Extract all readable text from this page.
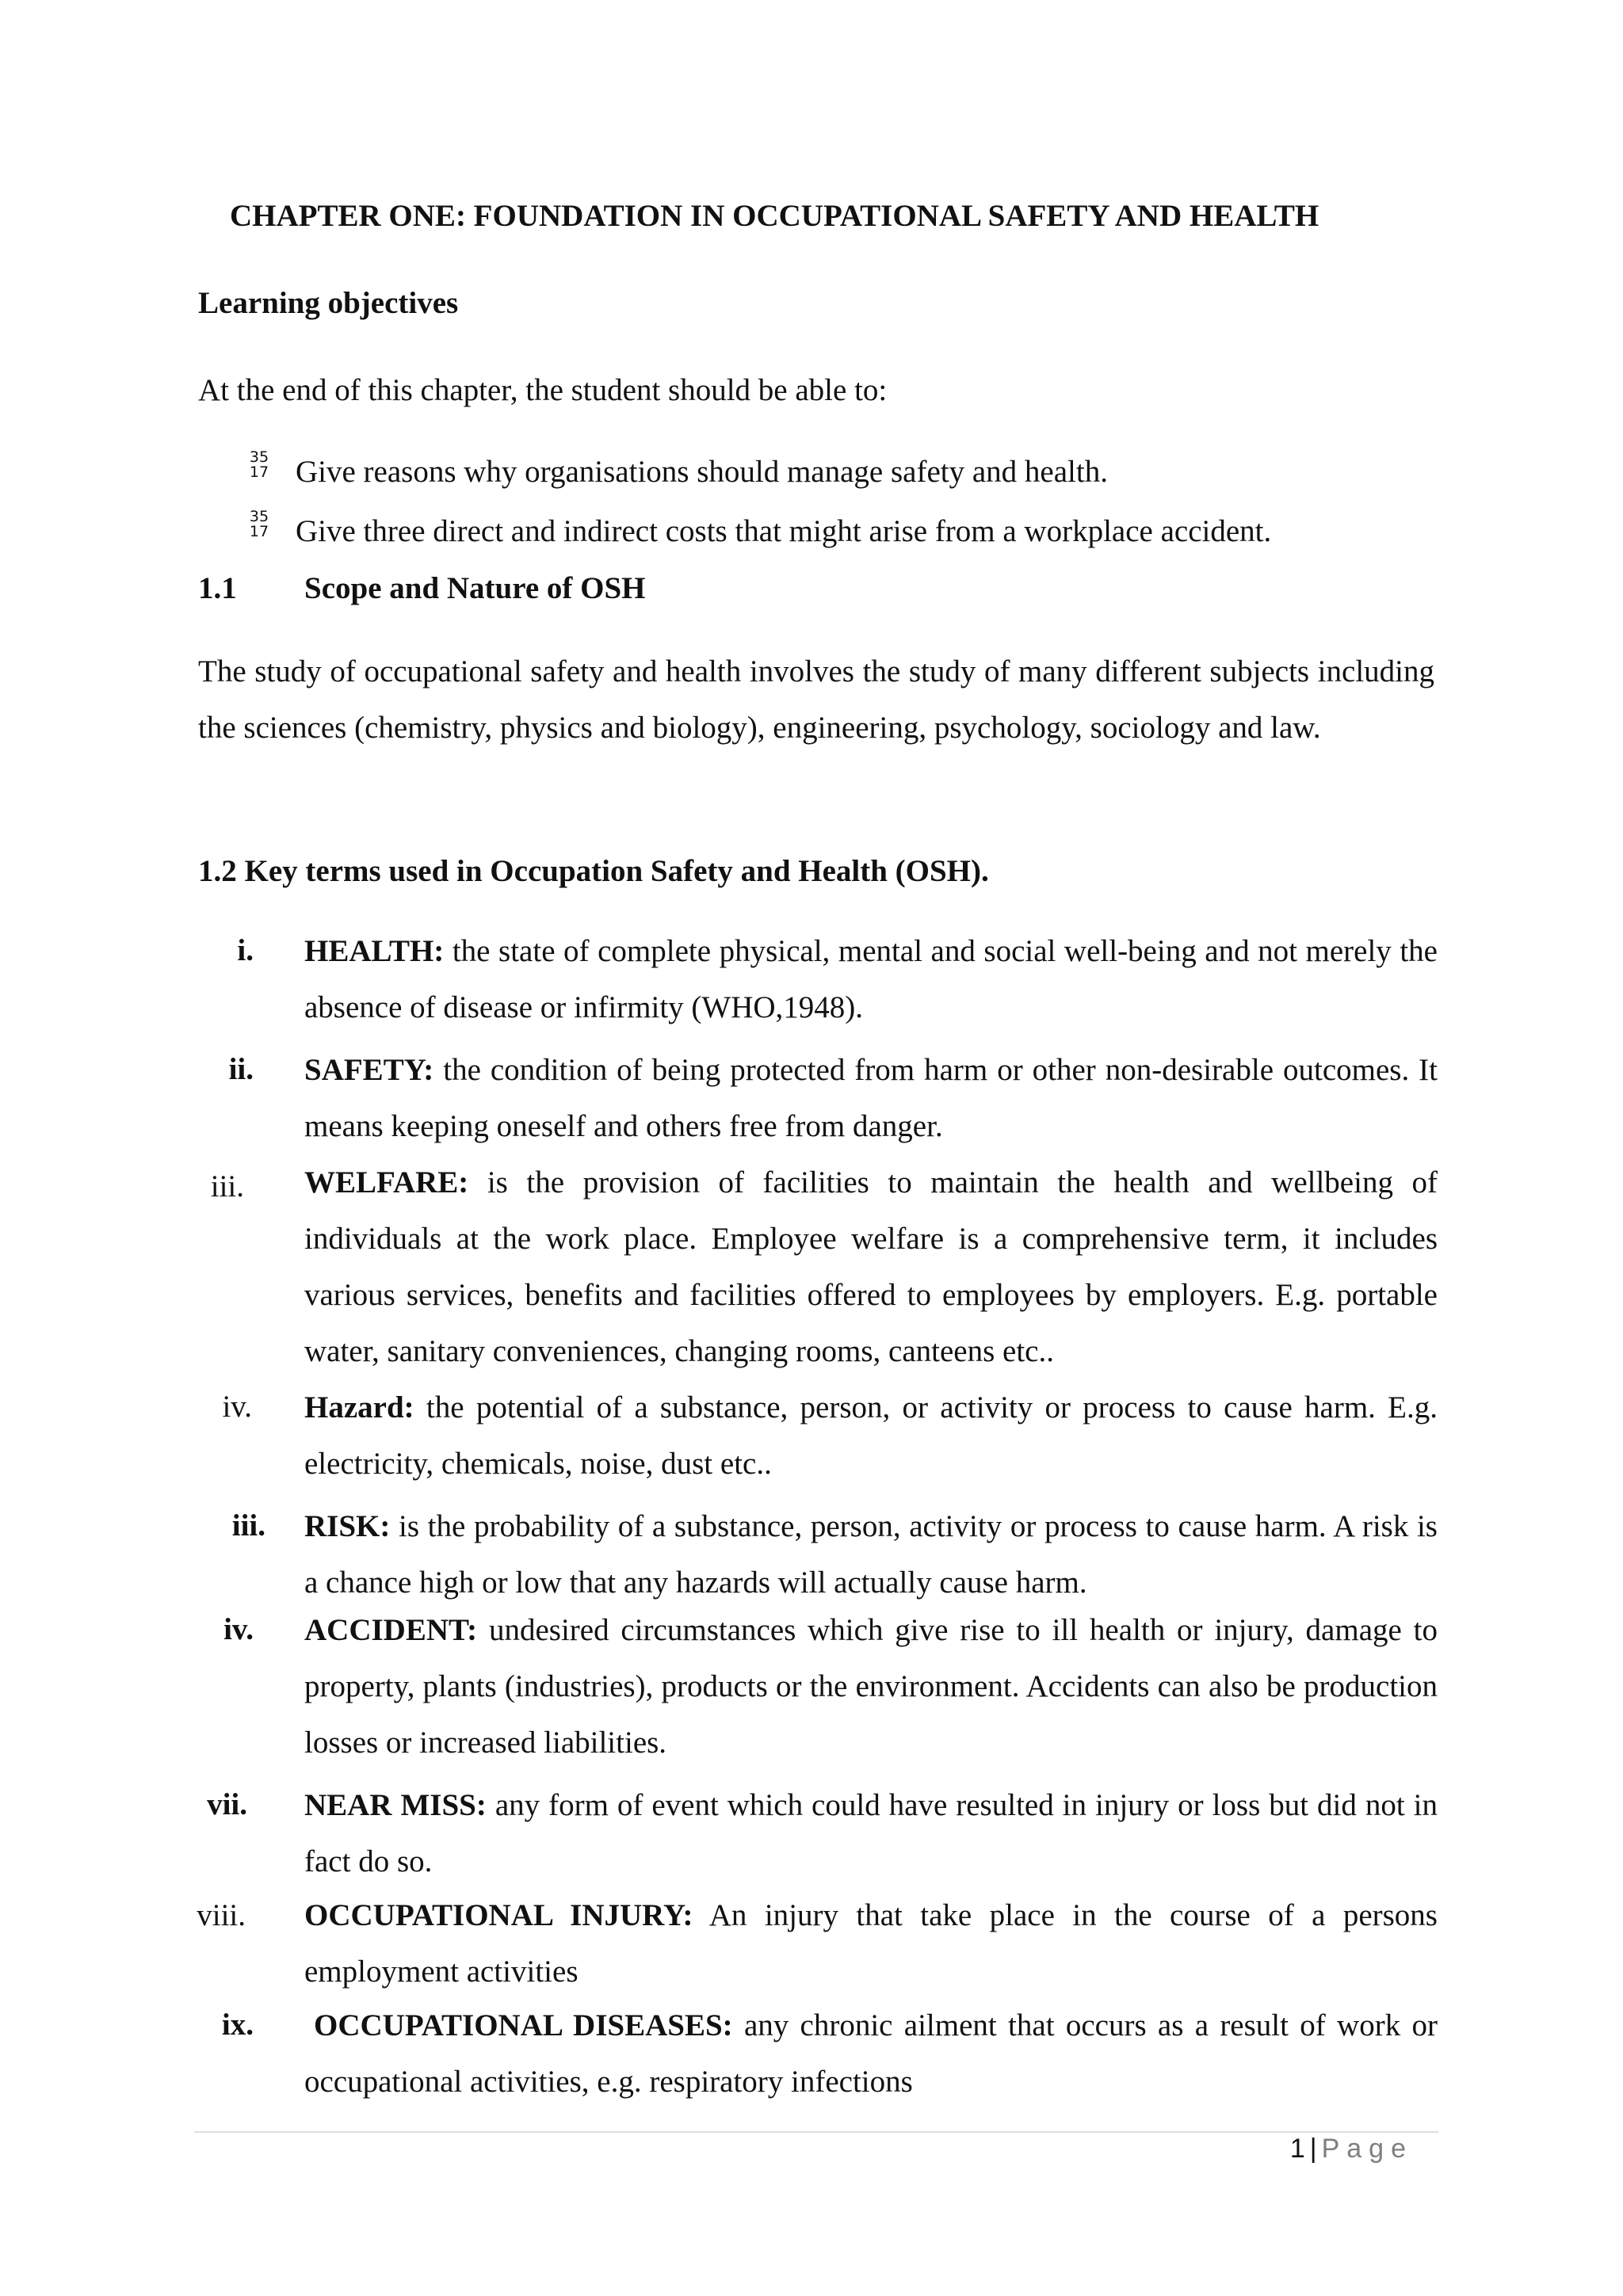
CHAPTER ONE: FOUNDATION IN OCCUPATIONAL SAFETY AND HEALTH
Learning objectives
At the end of this chapter, the student should be able to:
35
17 Give reasons why organisations should manage safety and health.
35
17 Give three direct and indirect costs that might arise from a workplace accident.
1.1 Scope and Nature of OSH
The study of occupational safety and health involves the study of many different subjects including the sciences (chemistry, physics and biology), engineering, psychology, sociology and law.
1.2 Key terms used in Occupation Safety and Health (OSH).
i. HEALTH: the state of complete physical, mental and social well-being and not merely the absence of disease or infirmity (WHO,1948).
ii. SAFETY: the condition of being protected from harm or other non-desirable outcomes. It means keeping oneself and others free from danger.
iii. WELFARE: is the provision of facilities to maintain the health and wellbeing of individuals at the work place. Employee welfare is a comprehensive term, it includes various services, benefits and facilities offered to employees by employers. E.g. portable water, sanitary conveniences, changing rooms, canteens etc..
iv. Hazard: the potential of a substance, person, or activity or process to cause harm. E.g. electricity, chemicals, noise, dust etc..
iii. RISK: is the probability of a substance, person, activity or process to cause harm. A risk is a chance high or low that any hazards will actually cause harm.
iv. ACCIDENT: undesired circumstances which give rise to ill health or injury, damage to property, plants (industries), products or the environment. Accidents can also be production losses or increased liabilities.
vii. NEAR MISS: any form of event which could have resulted in injury or loss but did not in fact do so.
viii. OCCUPATIONAL INJURY: An injury that take place in the course of a persons employment activities
ix.	OCCUPATIONAL DISEASES: any chronic ailment that occurs as a result of work or occupational activities, e.g. respiratory infections
1 | Page
